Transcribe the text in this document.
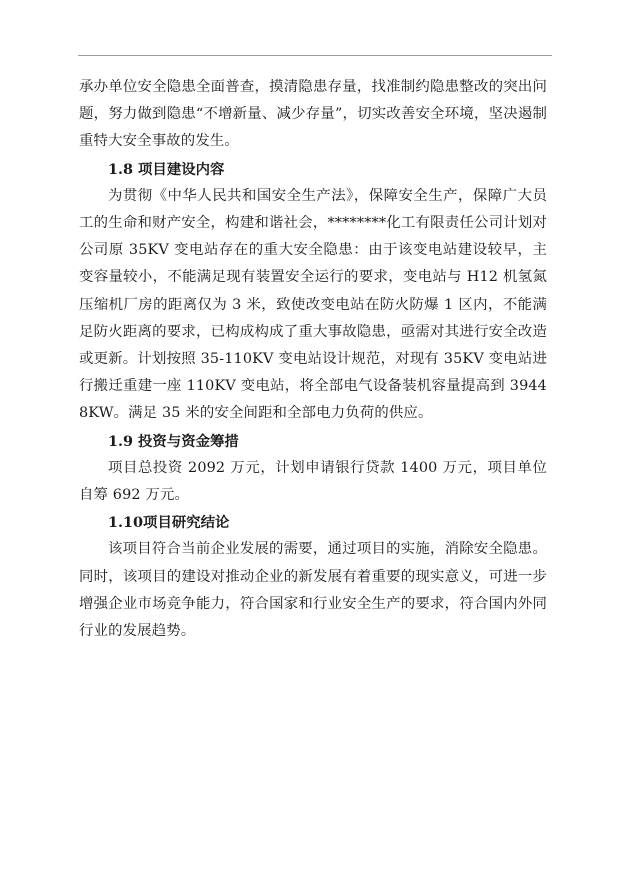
承办单位安全隐患全面普查，摸清隐患存量，找准制约隐患整改的突出问题，努力做到隐患“不增新量、减少存量”，切实改善安全环境，坚决遏制重特大安全事故的发生。

1.8 项目建设内容

为贯彻《中华人民共和国安全生产法》，保障安全生产，保障广大员工的生命和财产安全，构建和谐社会，********化工有限责任公司计划对公司原 35KV 变电站存在的重大安全隐患：由于该变电站建设较早，主变容量较小，不能满足现有装置安全运行的要求，变电站与 H12 机氢氮压缩机厂房的距离仅为 3 米，致使改变电站在防火防爆 1 区内，不能满足防火距离的要求，已构成构成了重大事故隐患，亟需对其进行安全改造或更新。计划按照 35-110KV 变电站设计规范，对现有 35KV 变电站进行搬迁重建一座 110KV 变电站，将全部电气设备装机容量提高到 39448KW。满足 35 米的安全间距和全部电力负荷的供应。

1.9 投资与资金筹措

项目总投资 2092 万元，计划申请银行贷款 1400 万元，项目单位自筹 692 万元。

1.10项目研究结论

该项目符合当前企业发展的需要，通过项目的实施，消除安全隐患。同时，该项目的建设对推动企业的新发展有着重要的现实意义，可进一步增强企业市场竞争能力，符合国家和行业安全生产的要求，符合国内外同行业的发展趋势。
